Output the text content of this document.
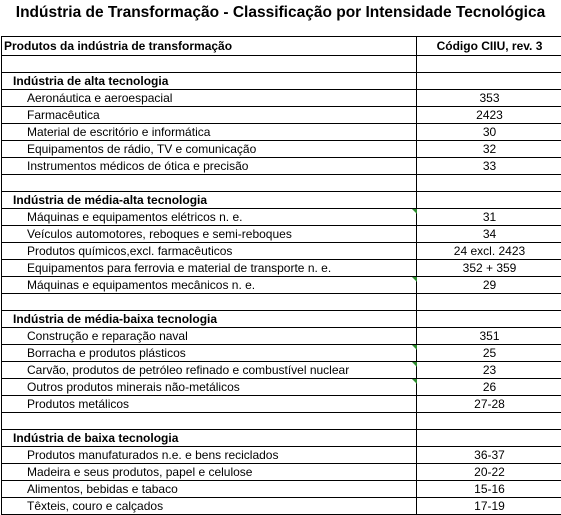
Indústria de Transformação - Classificação por Intensidade Tecnológica
Produtos da indústria de transformação	Código CIIU, rev. 3

Indústria de alta tecnologia	
Aeronáutica e aeroespacial	353
Farmacêutica	2423
Material de escritório e informática	30
Equipamentos de rádio, TV e comunicação	32
Instrumentos médicos de ótica e precisão	33

Indústria de média-alta tecnologia	
Máquinas e equipamentos elétricos n. e.	31
Veículos automotores, reboques e semi-reboques	34
Produtos químicos,excl. farmacêuticos	24 excl. 2423
Equipamentos para ferrovia e material de transporte n. e.	352 + 359
Máquinas e equipamentos mecânicos n. e.	29

Indústria de média-baixa tecnologia	
Construção e reparação naval	351
Borracha e produtos plásticos	25
Carvão, produtos de petróleo refinado e combustível nuclear	23
Outros produtos minerais não-metálicos	26
Produtos metálicos	27-28

Indústria de baixa tecnologia	
Produtos manufaturados n.e. e bens reciclados	36-37
Madeira e seus produtos, papel e celulose	20-22
Alimentos, bebidas e tabaco	15-16
Têxteis, couro e calçados	17-19
